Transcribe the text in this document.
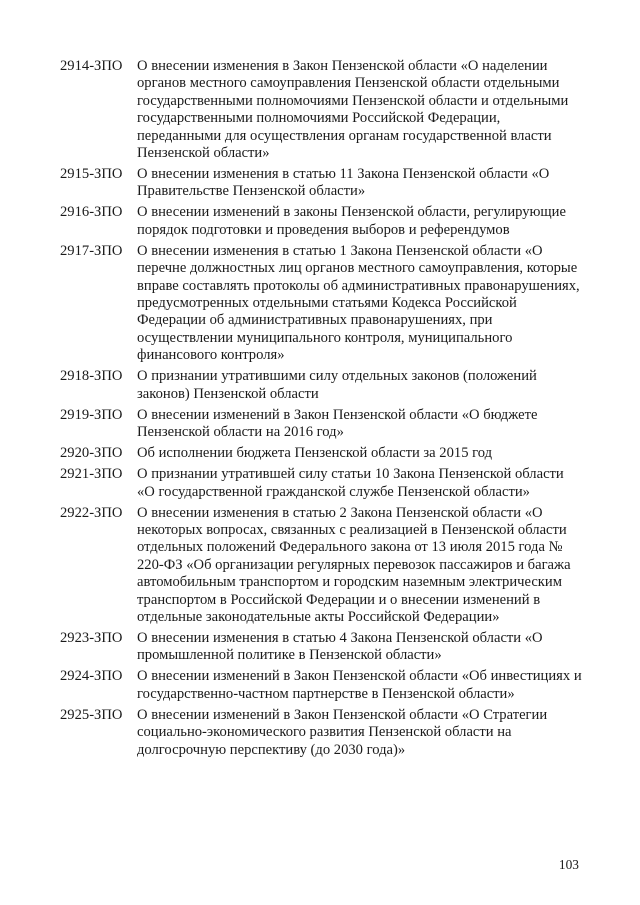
2914-ЗПО О внесении изменения в Закон Пензенской области «О наделении органов местного самоуправления Пензенской области отдельными государственными полномочиями Пензенской области и отдельными государственными полномочиями Российской Федерации, переданными для осуществления органам государственной власти Пензенской области»
2915-ЗПО О внесении изменения в статью 11 Закона Пензенской области «О Правительстве Пензенской области»
2916-ЗПО О внесении изменений в законы Пензенской области, регулирующие порядок подготовки и проведения выборов и референдумов
2917-ЗПО О внесении изменения в статью 1 Закона Пензенской области «О перечне должностных лиц органов местного самоуправления, которые вправе составлять протоколы об административных правонарушениях, предусмотренных отдельными статьями Кодекса Российской Федерации об административных правонарушениях, при осуществлении муниципального контроля, муниципального финансового контроля»
2918-ЗПО О признании утратившими силу отдельных законов (положений законов) Пензенской области
2919-ЗПО О внесении изменений в Закон Пензенской области «О бюджете Пензенской области на 2016 год»
2920-ЗПО Об исполнении бюджета Пензенской области за 2015 год
2921-ЗПО О признании утратившей силу статьи 10 Закона Пензенской области «О государственной гражданской службе Пензенской области»
2922-ЗПО О внесении изменения в статью 2 Закона Пензенской области «О некоторых вопросах, связанных с реализацией в Пензенской области отдельных положений Федерального закона от 13 июля 2015 года № 220-ФЗ «Об организации регулярных перевозок пассажиров и багажа автомобильным транспортом и городским наземным электрическим транспортом в Российской Федерации и о внесении изменений в отдельные законодательные акты Российской Федерации»
2923-ЗПО О внесении изменения в статью 4 Закона Пензенской области «О промышленной политике в Пензенской области»
2924-ЗПО О внесении изменений в Закон Пензенской области «Об инвестициях и государственно-частном партнерстве в Пензенской области»
2925-ЗПО О внесении изменений в Закон Пензенской области «О Стратегии социально-экономического развития Пензенской области на долгосрочную перспективу (до 2030 года)»
103
